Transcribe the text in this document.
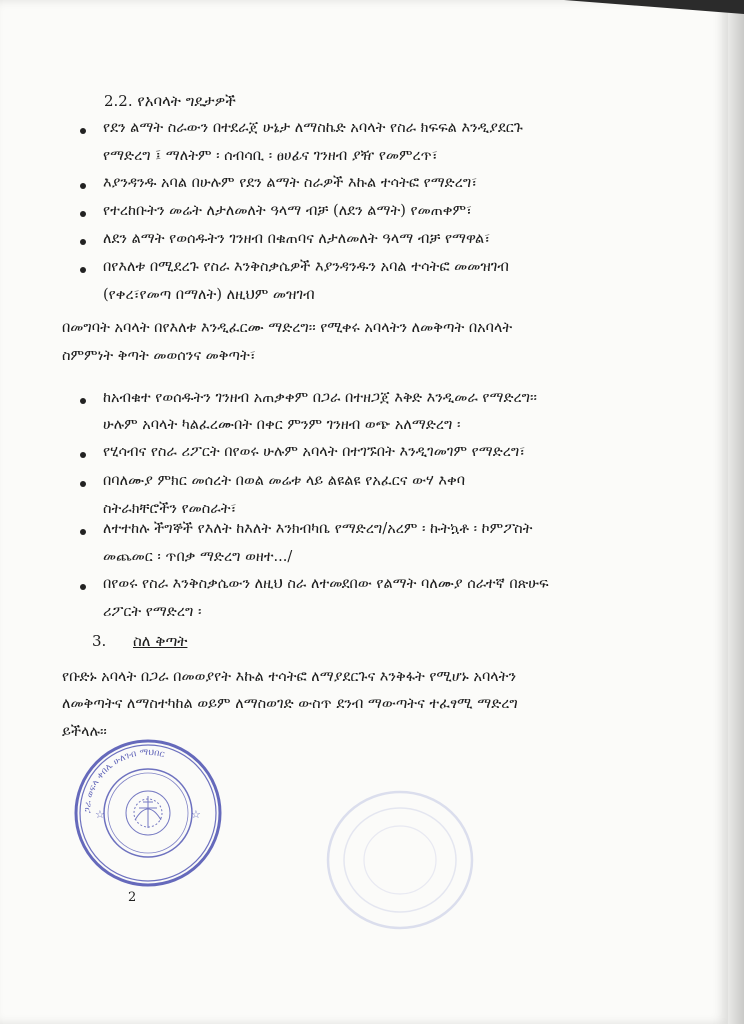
2.2. የአባላት ግዴታዎች
የደን ልማት ስራውን በተደራጀ ሁኔታ ለማስኬድ አባላት የስራ ክፍፍል እንዲያደርጉ
የማድረግ ፤ ማለትም ፡ ሰብሳቢ ፡ ፀሀፊና ገንዘብ ያዥ የመምረጥ፣
እያንዳንዱ አባል በሁሉም የደን ልማት ስራዎች እኩል ተሳትፎ የማድረግ፣
የተረከቡትን መሬት ለታለመለት ዓላማ ብቻ (ለደን ልማት) የመጠቀም፣
ለደን ልማት የወሰዱትን ገንዘብ በቁጠባና ለታለመለት ዓላማ ብቻ የማዋል፣
በየእለቱ በሚደረጉ የስራ እንቅስቃሴዎች እያንዳንዱን አባል ተሳትፎ መመዝገብ
(የቀረ፣የመጣ በማለት) ለዚህም መዝገብ
በመግባት አባላት በየእለቱ እንዲፈርሙ ማድረግ፡፡ የሚቀሩ አባላትን ለመቅጣት በአባላት
ስምምነት ቅጣት መወሰንና መቅጣት፣
ከአብቁተ የወሰዱትን ገንዘብ አጠቃቀም በጋራ በተዘጋጀ እቅድ እንዲመራ የማድረግ፡፡
ሁሉም አባላት ካልፈረሙበት በቀር ምንም ገንዘብ ወጭ አለማድረግ ፡
የሂሳብና የስራ ሪፖርት በየወሩ ሁሉም አባላት በተገኙበት እንዲገመገም የማድረግ፣
በባለሙያ ምክር መሰረት በወል መሬቱ ላይ ልዩልዩ የአፈርና ውሃ እቀባ
ስትራክቸሮችን የመስራት፣
ለተተከሉ ችግኞች የእለት ከእለት እንክብካቤ የማድረግ/አረም ፡ ኩትኳቶ ፡ ኮምፖስት
መጨመር ፡ ጥበቃ ማድረግ ወዘተ.../
በየወሩ የስራ እንቅስቃሴውን ለዚህ ስራ ለተመደበው የልማት ባለሙያ ሰራተኛ በጽሁፍ
ሪፖርት የማድረግ ፡
3. ስለ ቅጣት
የቡድኑ አባላት በጋራ በመወያየት እኩል ተሳትፎ ለማያደርጉና እንቅፋት የሚሆኑ አባላትን
ለመቅጣትና ለማስተካከል ወይም ለማስወገድ ውስጥ ደንብ ማውጣትና ተፈፃሚ ማድረግ
ይችላሉ፡፡
ጋራ ወፍላ ቀበሌ ሁለገብ ማህበር
☆	☆
2
